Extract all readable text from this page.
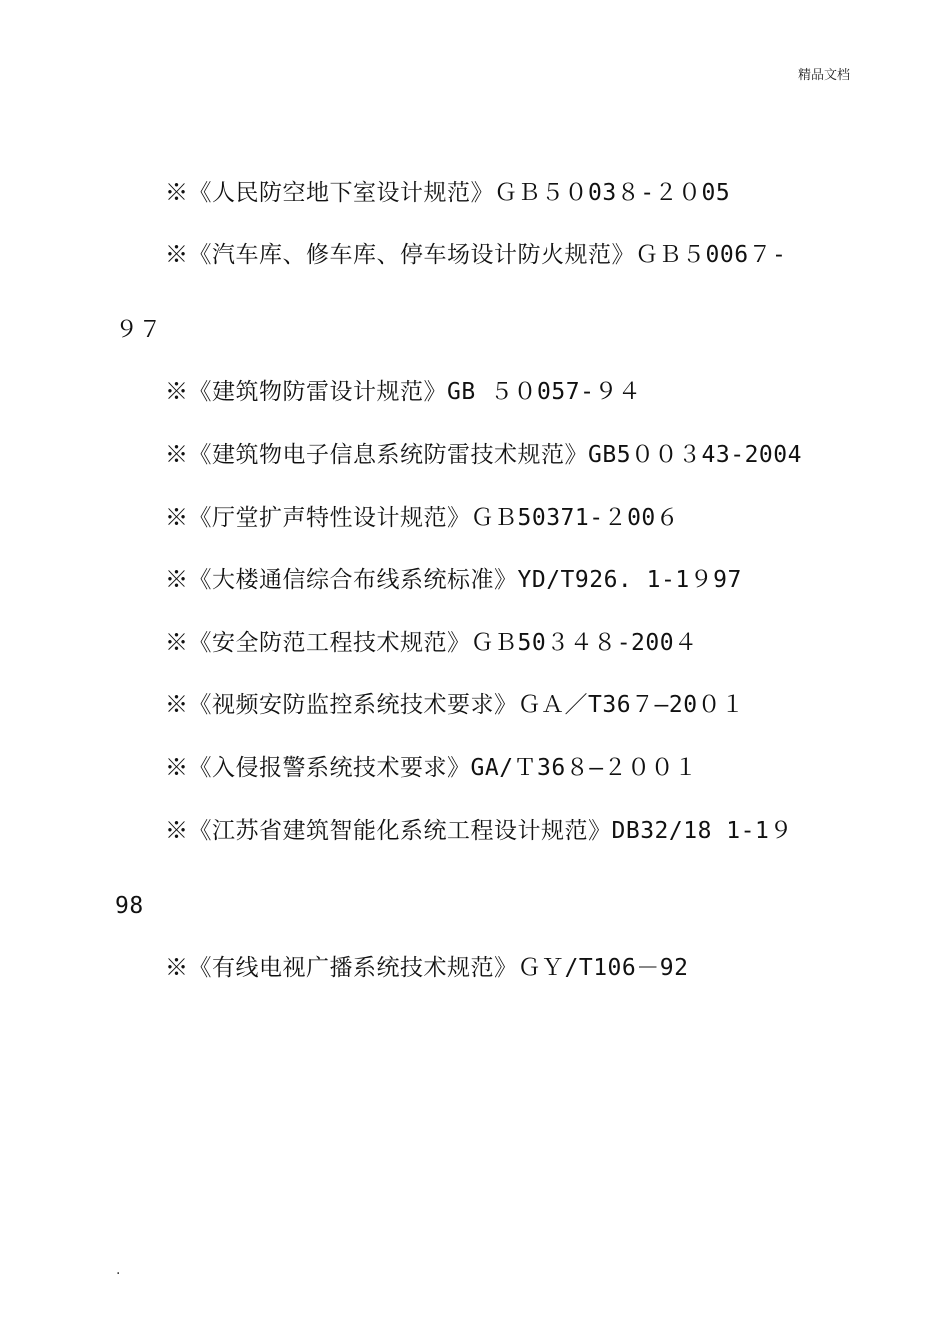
精品文档
※《人民防空地下室设计规范》ＧＢ５０03８-２０05
※《汽车库、修车库、停车场设计防火规范》ＧＢ５006７-
９７
※《建筑物防雷设计规范》GB ５０057-９４
※《建筑物电子信息系统防雷技术规范》GB5００３43-2004
※《厅堂扩声特性设计规范》ＧＢ50371-２00６
※《大楼通信综合布线系统标准》YD/T926. 1-1９97
※《安全防范工程技术规范》ＧＢ50３４８-200４
※《视频安防监控系统技术要求》ＧＡ／T36７—20０１
※《入侵报警系统技术要求》GA/Ｔ36８—２００１
※《江苏省建筑智能化系统工程设计规范》DB32/18 1-1９
98
※《有线电视广播系统技术规范》ＧＹ/T106－92
.
